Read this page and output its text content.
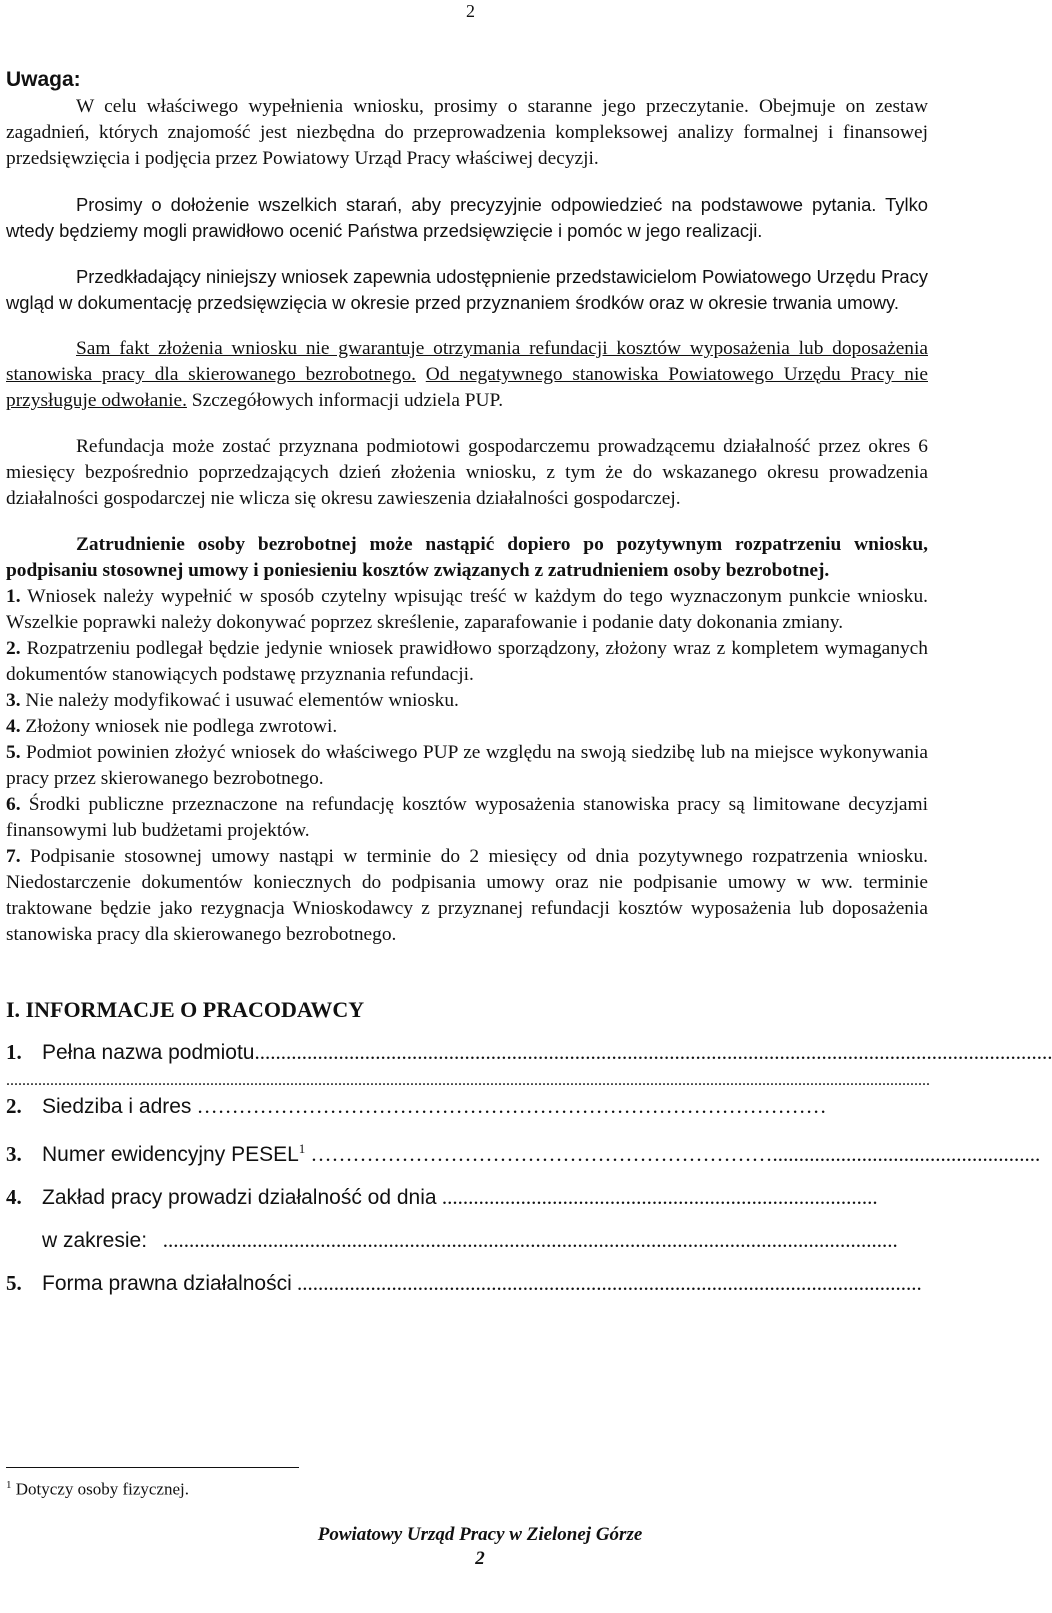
2

Uwaga:

W celu właściwego wypełnienia wniosku, prosimy o staranne jego przeczytanie. Obejmuje on zestaw zagadnień, których znajomość jest niezbędna do przeprowadzenia kompleksowej analizy formalnej i finansowej przedsięwzięcia i podjęcia przez Powiatowy Urząd Pracy właściwej decyzji.

Prosimy o dołożenie wszelkich starań, aby precyzyjnie odpowiedzieć na podstawowe pytania. Tylko wtedy będziemy mogli prawidłowo ocenić Państwa przedsięwzięcie i pomóc w jego realizacji.

Przedkładający niniejszy wniosek zapewnia udostępnienie przedstawicielom Powiatowego Urzędu Pracy wgląd w dokumentację przedsięwzięcia w okresie przed przyznaniem środków oraz w okresie trwania umowy.

Sam fakt złożenia wniosku nie gwarantuje otrzymania refundacji kosztów wyposażenia lub doposażenia stanowiska pracy dla skierowanego bezrobotnego. Od negatywnego stanowiska Powiatowego Urzędu Pracy nie przysługuje odwołanie. Szczegółowych informacji udziela PUP.

Refundacja może zostać przyznana podmiotowi gospodarczemu prowadzącemu działalność przez okres 6 miesięcy bezpośrednio poprzedzających dzień złożenia wniosku, z tym że do wskazanego okresu prowadzenia działalności gospodarczej nie wlicza się okresu zawieszenia działalności gospodarczej.

Zatrudnienie osoby bezrobotnej może nastąpić dopiero po pozytywnym rozpatrzeniu wniosku, podpisaniu stosownej umowy i poniesieniu kosztów związanych z zatrudnieniem osoby bezrobotnej.

1. Wniosek należy wypełnić w sposób czytelny wpisując treść w każdym do tego wyznaczonym punkcie wniosku. Wszelkie poprawki należy dokonywać poprzez skreślenie, zaparafowanie i podanie daty dokonania zmiany.

2. Rozpatrzeniu podlegał będzie jedynie wniosek prawidłowo sporządzony, złożony wraz z kompletem wymaganych dokumentów stanowiących podstawę przyznania refundacji.

3. Nie należy modyfikować i usuwać elementów wniosku.

4. Złożony wniosek nie podlega zwrotowi.

5. Podmiot powinien złożyć wniosek do właściwego PUP ze względu na swoją siedzibę lub na miejsce wykonywania pracy przez skierowanego bezrobotnego.

6. Środki publiczne przeznaczone na refundację kosztów wyposażenia stanowiska pracy są limitowane decyzjami finansowymi lub budżetami projektów.

7. Podpisanie stosownej umowy nastąpi w terminie do 2 miesięcy od dnia pozytywnego rozpatrzenia wniosku. Niedostarczenie dokumentów koniecznych do podpisania umowy oraz nie podpisanie umowy w ww. terminie traktowane będzie jako rezygnacja Wnioskodawcy z przyznanej refundacji kosztów wyposażenia lub doposażenia stanowiska pracy dla skierowanego bezrobotnego.

I. INFORMACJE O PRACODAWCY

1. Pełna nazwa podmiotu........................................................................................................................................................

.......................................................................................................................................................................................................................................

2. Siedziba i adres ………………………………………………………………………………

3. Numer ewidencyjny PESEL$^1$ …………………………………………………………...................................................

4. Zakład pracy prowadzi działalność od dnia ...................................................................................

w zakresie: ............................................................................................................................................

5. Forma prawna działalności .......................................................................................................................

$^1$ Dotyczy osoby fizycznej.
Powiatowy Urząd Pracy w Zielonej Górze
2
